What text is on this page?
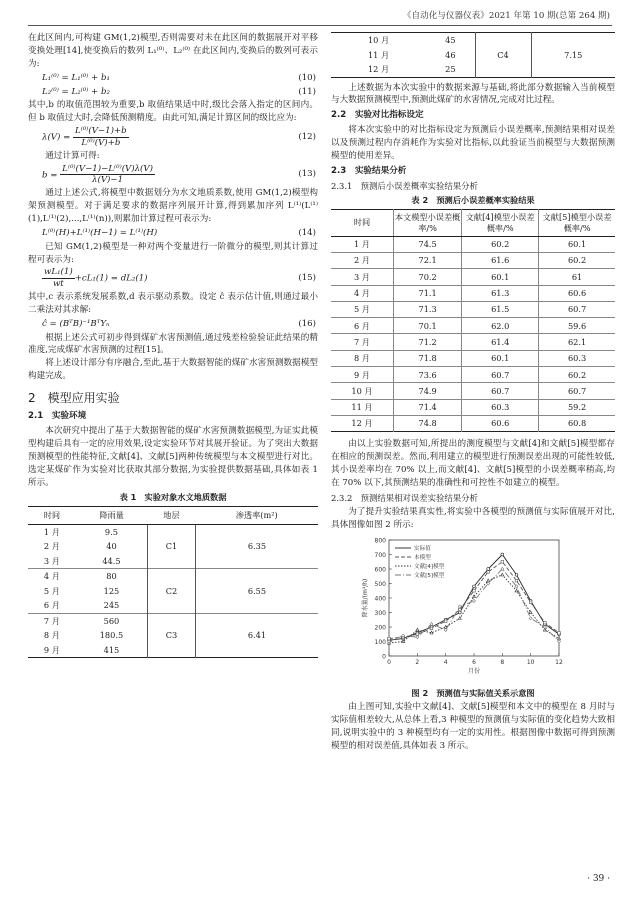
《自动化与仪器仪表》2021 年第 10 期(总第 264 期)

在此区间内,可构建 GM(1,2)模型,否则需要对未在此区间的数据展开对平移变换处理[14],使变换后的数列 L₁⁽⁰⁾、L₂⁽⁰⁾ 在此区间内,变换后的数列可表示为:

L₁⁽⁰⁾ = L₁⁽⁰⁾ + b₁	(10)
L₂⁽⁰⁾ = L₂⁽⁰⁾ + b₂	(11)

其中,b 的取值范围较为重要,b 取值结果适中时,级比会落入指定的区间内。但 b 取值过大时,会降低预测精度。由此可知,满足计算区间的级比应为:

$\lambda(V) = \frac{\text{L⁽⁰⁾(V−1)+b}}{\text{L⁽⁰⁾(V)+b}}$	(12)

通过计算可得:

$b = \frac{\text{L⁽⁰⁾(V−1)−L⁽⁰⁾(V)λ(V)}}{\lambda(V)-1}$	(13)

通过上述公式,将模型中数据划分为水文地质系数,使用 GM(1,2)模型构架预测模型。对于满足要求的数据序列展开计算,得到累加序列 L⁽¹⁾(L⁽¹⁾(1),L⁽¹⁾(2),...,L⁽¹⁾(n)),则累加计算过程可表示为:

L⁽⁰⁾(H)+L⁽¹⁾(H−1) = L⁽¹⁾(H)	(14)

已知 GM(1,2)模型是一种对两个变量进行一阶微分的模型,则其计算过程可表示为:

$\frac{\text{wL₁(1)}}{wt} +cL_1(1) = dL_2(1)$	(15)

其中,c 表示系统发展系数,d 表示驱动系数。设定 ĉ 表示估计值,则通过最小二乘法对其求解:

ĉ = (BᵀB)⁻¹BᵀYₙ	(16)

根据上述公式可初步得到煤矿水害预测值,通过残差检验验证此结果的精准度,完成煤矿水害预测的过程[15]。

将上述设计部分有序融合,至此,基于大数据智能的煤矿水害预测数据模型构建完成。

2　模型应用实验
2.1　实验环境

本次研究中提出了基于大数据智能的煤矿水害预测数据模型,为证实此模型构建后具有一定的应用效果,设定实验环节对其展开验证。为了突出大数据预测模型的性能特征,文献[4]、文献[5]两种传统模型与本文模型进行对比。选定某煤矿作为实验对比获取其部分数据,为实验提供数据基础,具体如表 1 所示。

表 1　实验对象水文地质数据
时间	降雨量	地层	渗透率(m²)
1 月	9.5	C1	6.35
2 月	40		
3 月	44.5		
4 月	80	C2	6.55
5 月	125		
6 月	245		
7 月	560	C3	6.41
8 月	180.5		
9 月	415		
10 月	45	C4	7.15
11 月	46		
12 月	25		

上述数据为本次实验中的数据来源与基础,将此部分数据输入当前模型与大数据预测模型中,预测此煤矿的水害情况,完成对比过程。

2.2　实验对比指标设定

将本次实验中的对比指标设定为预测后小误差概率,预测结果相对误差以及预测过程内存消耗作为实验对比指标,以此验证当前模型与大数据预测模型的使用差异。

2.3　实验结果分析
2.3.1　预测后小误差概率实验结果分析
表 2　预测后小误差概率实验结果
时间	本文模型小误差概率/%	文献[4]模型小误差概率/%	文献[5]模型小误差概率/%
1 月	74.5	60.2	60.1
2 月	72.1	61.6	60.2
3 月	70.2	60.1	61
4 月	71.1	61.3	60.6
5 月	71.3	61.5	60.7
6 月	70.1	62.0	59.6
7 月	71.2	61.4	62.1
8 月	71.8	60.1	60.3
9 月	73.6	60.7	60.2
10 月	74.9	60.7	60.7
11 月	71.4	60.3	59.2
12 月	74.8	60.6	60.8

由以上实验数据可知,所提出的测度模型与文献[4]和文献[5]模型都存在相应的预测误差。然而,利用建立的模型进行预测误差出现的可能性较低,其小误差率均在 70% 以上,而文献[4]、文献[5]模型的小误差概率稍高,均在 70% 以下,其预测结果的准确性和可控性不如建立的模型。

2.3.2　预测结果相对误差实验结果分析

为了提升实验结果真实性,将实验中各模型的预测值与实际值展开对比,具体图像如图 2 所示:

0
100
200
300
400
500
600
700
800
0	2	4	6	8	10	12
月份
降水量/(m³/h)
实际值
本模型
文献[4]模型
文献[5]模型
图 2　预测值与实际值关系示意图

由上图可知,实验中文献[4]、文献[5]模型和本文中的模型在 8 月时与实际值相差较大,从总体上看,3 种模型的预测值与实际值的变化趋势大致相同,说明实验中的 3 种模型均有一定的实用性。根据图像中数据可得到预测模型的相对误差值,具体如表 3 所示。

· 39 ·
